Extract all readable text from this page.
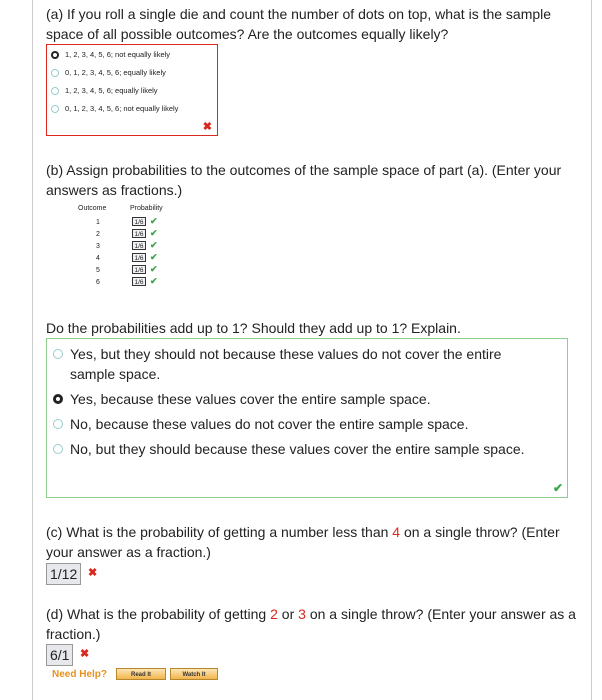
(a) If you roll a single die and count the number of dots on top, what is the sample space of all possible outcomes? Are the outcomes equally likely?
1, 2, 3, 4, 5, 6; not equally likely
0, 1, 2, 3, 4, 5, 6; equally likely
1, 2, 3, 4, 5, 6; equally likely
0, 1, 2, 3, 4, 5, 6; not equally likely
✖
(b) Assign probabilities to the outcomes of the sample space of part (a). (Enter your answers as fractions.)
Outcome	Probability
1	1/6 ✔
2	1/6 ✔
3	1/6 ✔
4	1/6 ✔
5	1/6 ✔
6	1/6 ✔
Do the probabilities add up to 1? Should they add up to 1? Explain.
Yes, but they should not because these values do not cover the entire sample space.
Yes, because these values cover the entire sample space.
No, because these values do not cover the entire sample space.
No, but they should because these values cover the entire sample space.
✔
(c) What is the probability of getting a number less than 4 on a single throw? (Enter your answer as a fraction.)
1/12 ✖
(d) What is the probability of getting 2 or 3 on a single throw? (Enter your answer as a fraction.)
6/1 ✖
Need Help?	Read It	Watch It
